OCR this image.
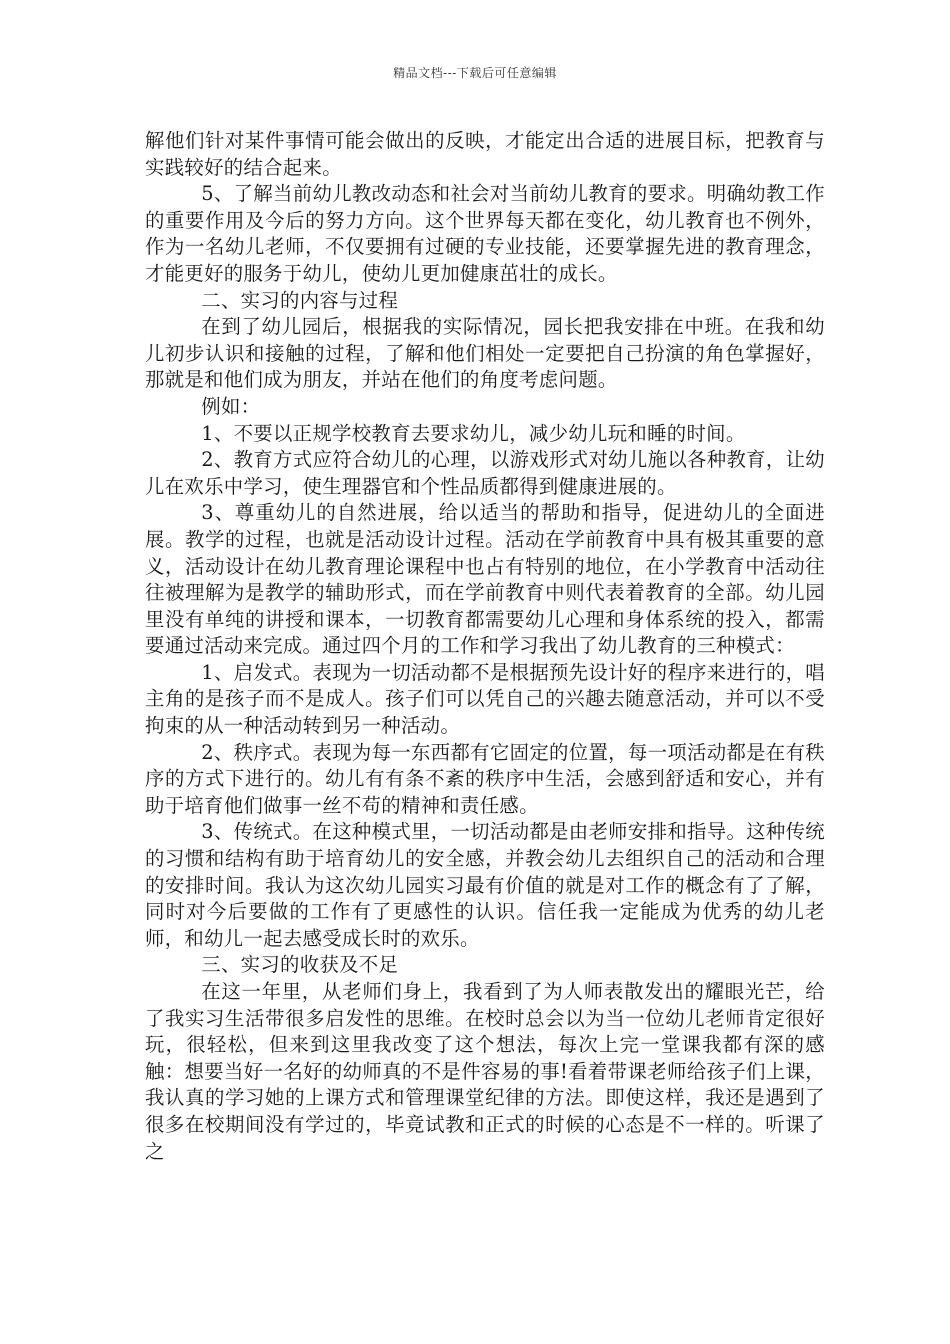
精品文档---下载后可任意编辑

解他们针对某件事情可能会做出的反映，才能定出合适的进展目标，把教育与实践较好的结合起来。

5、了解当前幼儿教改动态和社会对当前幼儿教育的要求。明确幼教工作的重要作用及今后的努力方向。这个世界每天都在变化，幼儿教育也不例外，作为一名幼儿老师，不仅要拥有过硬的专业技能，还要掌握先进的教育理念，才能更好的服务于幼儿，使幼儿更加健康茁壮的成长。

二、实习的内容与过程

在到了幼儿园后，根据我的实际情况，园长把我安排在中班。在我和幼儿初步认识和接触的过程，了解和他们相处一定要把自己扮演的角色掌握好，那就是和他们成为朋友，并站在他们的角度考虑问题。

例如：

1、不要以正规学校教育去要求幼儿，减少幼儿玩和睡的时间。

2、教育方式应符合幼儿的心理，以游戏形式对幼儿施以各种教育，让幼儿在欢乐中学习，使生理器官和个性品质都得到健康进展的。

3、尊重幼儿的自然进展，给以适当的帮助和指导，促进幼儿的全面进展。教学的过程，也就是活动设计过程。活动在学前教育中具有极其重要的意义，活动设计在幼儿教育理论课程中也占有特别的地位，在小学教育中活动往往被理解为是教学的辅助形式，而在学前教育中则代表着教育的全部。幼儿园里没有单纯的讲授和课本，一切教育都需要幼儿心理和身体系统的投入，都需要通过活动来完成。通过四个月的工作和学习我出了幼儿教育的三种模式：

1、启发式。表现为一切活动都不是根据预先设计好的程序来进行的，唱主角的是孩子而不是成人。孩子们可以凭自己的兴趣去随意活动，并可以不受拘束的从一种活动转到另一种活动。

2、秩序式。表现为每一东西都有它固定的位置，每一项活动都是在有秩序的方式下进行的。幼儿有有条不紊的秩序中生活，会感到舒适和安心，并有助于培育他们做事一丝不苟的精神和责任感。

3、传统式。在这种模式里，一切活动都是由老师安排和指导。这种传统的习惯和结构有助于培育幼儿的安全感，并教会幼儿去组织自己的活动和合理的安排时间。我认为这次幼儿园实习最有价值的就是对工作的概念有了了解，同时对今后要做的工作有了更感性的认识。信任我一定能成为优秀的幼儿老师，和幼儿一起去感受成长时的欢乐。

三、实习的收获及不足

在这一年里，从老师们身上，我看到了为人师表散发出的耀眼光芒，给了我实习生活带很多启发性的思维。在校时总会以为当一位幼儿老师肯定很好玩，很轻松，但来到这里我改变了这个想法，每次上完一堂课我都有深的感触：想要当好一名好的幼师真的不是件容易的事!看着带课老师给孩子们上课，我认真的学习她的上课方式和管理课堂纪律的方法。即使这样，我还是遇到了很多在校期间没有学过的，毕竟试教和正式的时候的心态是不一样的。听课了之
